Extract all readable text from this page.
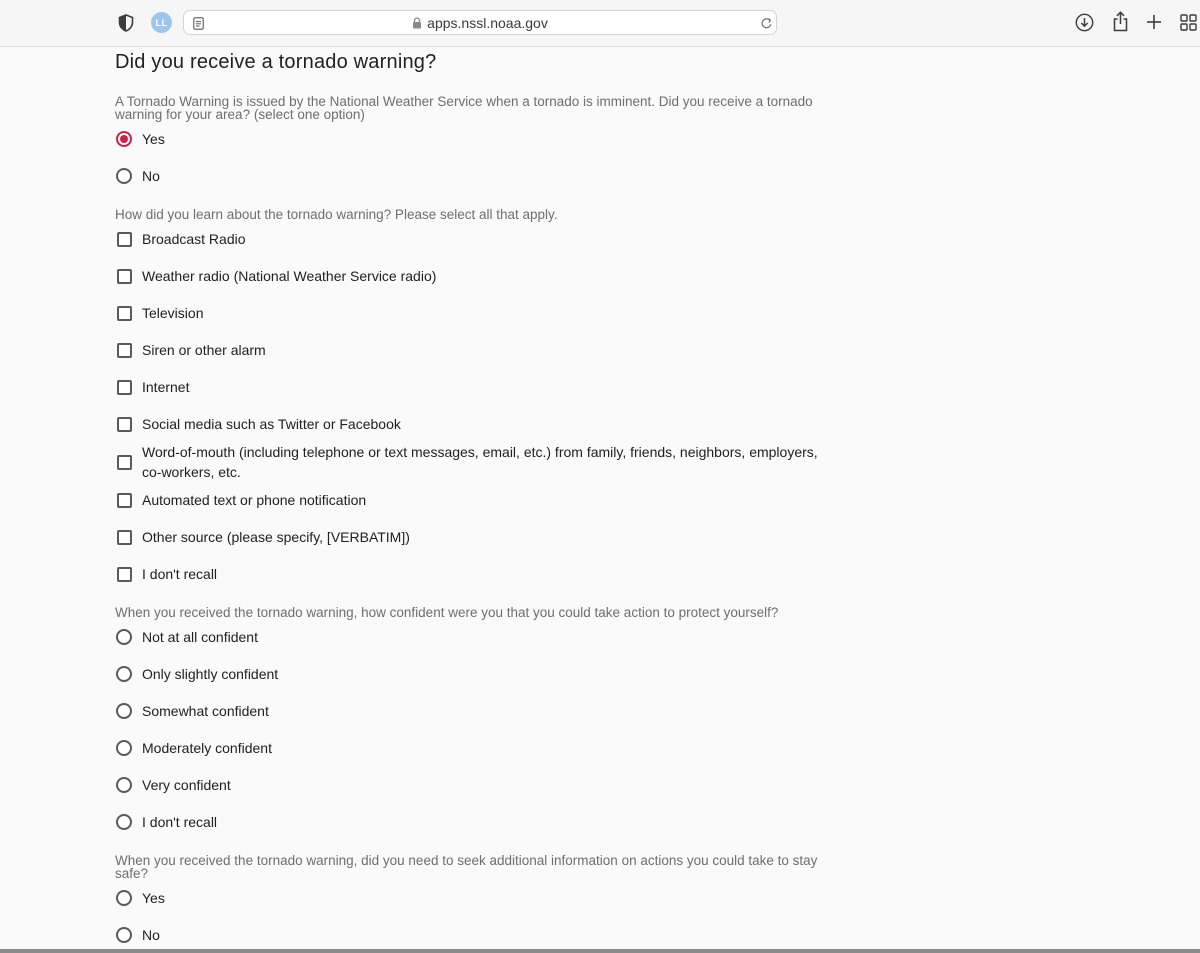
LL	apps.nssl.noaa.gov
Did you receive a tornado warning?

A Tornado Warning is issued by the National Weather Service when a tornado is imminent. Did you receive a tornado warning for your area? (select one option)

Yes
No

How did you learn about the tornado warning? Please select all that apply.

Broadcast Radio
Weather radio (National Weather Service radio)
Television
Siren or other alarm
Internet
Social media such as Twitter or Facebook
Word-of-mouth (including telephone or text messages, email, etc.) from family, friends, neighbors, employers, co-workers, etc.
Automated text or phone notification
Other source (please specify, [VERBATIM])
I don't recall

When you received the tornado warning, how confident were you that you could take action to protect yourself?

Not at all confident
Only slightly confident
Somewhat confident
Moderately confident
Very confident
I don't recall

When you received the tornado warning, did you need to seek additional information on actions you could take to stay safe?

Yes
No
